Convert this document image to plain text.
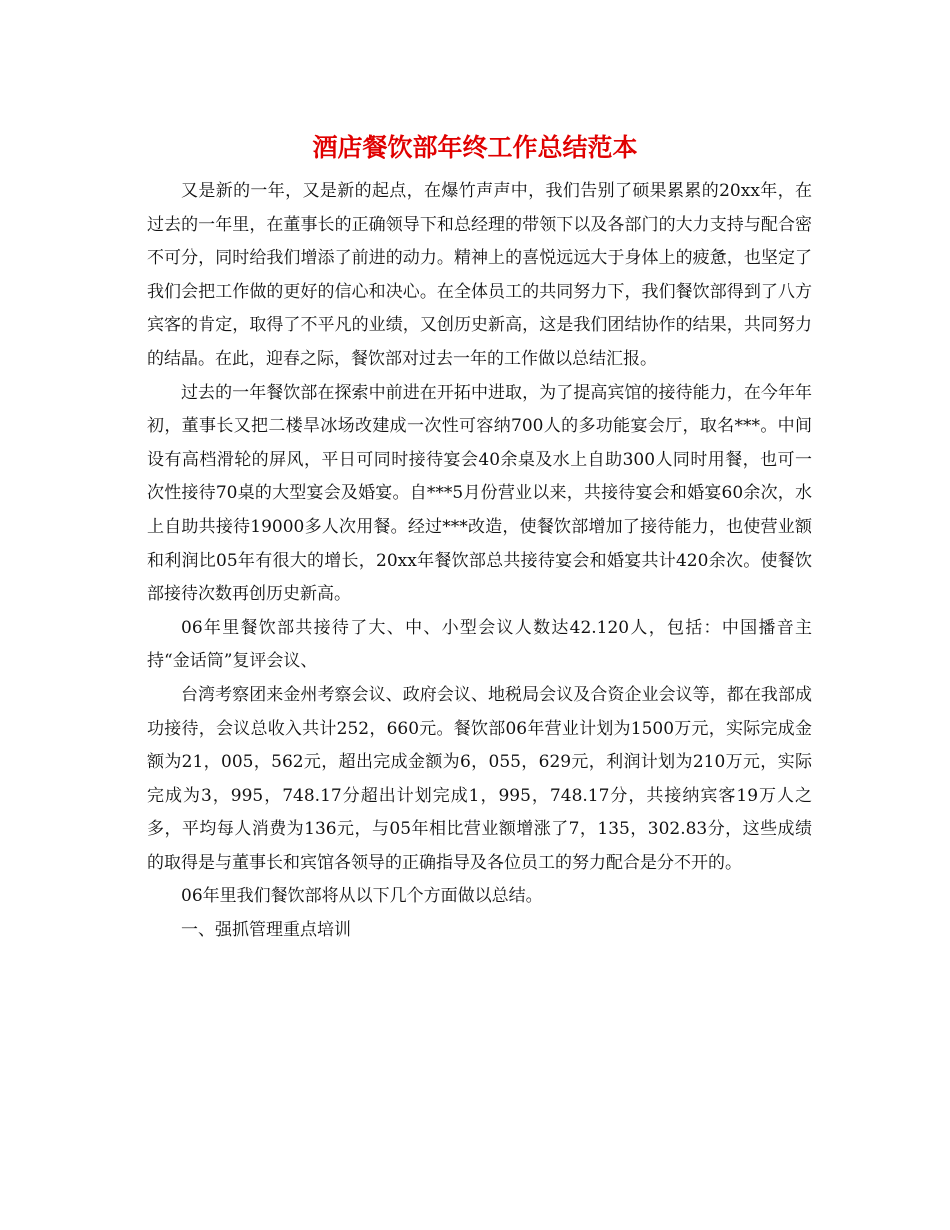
酒店餐饮部年终工作总结范本

又是新的一年，又是新的起点，在爆竹声声中，我们告别了硕果累累的20xx年，在过去的一年里，在董事长的正确领导下和总经理的带领下以及各部门的大力支持与配合密不可分，同时给我们增添了前进的动力。精神上的喜悦远远大于身体上的疲惫，也坚定了我们会把工作做的更好的信心和决心。在全体员工的共同努力下，我们餐饮部得到了八方宾客的肯定，取得了不平凡的业绩，又创历史新高，这是我们团结协作的结果，共同努力的结晶。在此，迎春之际，餐饮部对过去一年的工作做以总结汇报。

过去的一年餐饮部在探索中前进在开拓中进取，为了提高宾馆的接待能力，在今年年初，董事长又把二楼旱冰场改建成一次性可容纳700人的多功能宴会厅，取名***。中间设有高档滑轮的屏风，平日可同时接待宴会40余桌及水上自助300人同时用餐，也可一次性接待70桌的大型宴会及婚宴。自***5月份营业以来，共接待宴会和婚宴60余次，水上自助共接待19000多人次用餐。经过***改造，使餐饮部增加了接待能力，也使营业额和利润比05年有很大的增长，20xx年餐饮部总共接待宴会和婚宴共计420余次。使餐饮部接待次数再创历史新高。

06年里餐饮部共接待了大、中、小型会议人数达42.120人，包括：中国播音主持“金话筒”复评会议、

台湾考察团来金州考察会议、政府会议、地税局会议及合资企业会议等，都在我部成功接待，会议总收入共计252，660元。餐饮部06年营业计划为1500万元，实际完成金额为21，005，562元，超出完成金额为6，055，629元，利润计划为210万元，实际完成为3，995，748.17分超出计划完成1，995，748.17分，共接纳宾客19万人之多，平均每人消费为136元，与05年相比营业额增涨了7，135，302.83分，这些成绩的取得是与董事长和宾馆各领导的正确指导及各位员工的努力配合是分不开的。

06年里我们餐饮部将从以下几个方面做以总结。

一、强抓管理重点培训
